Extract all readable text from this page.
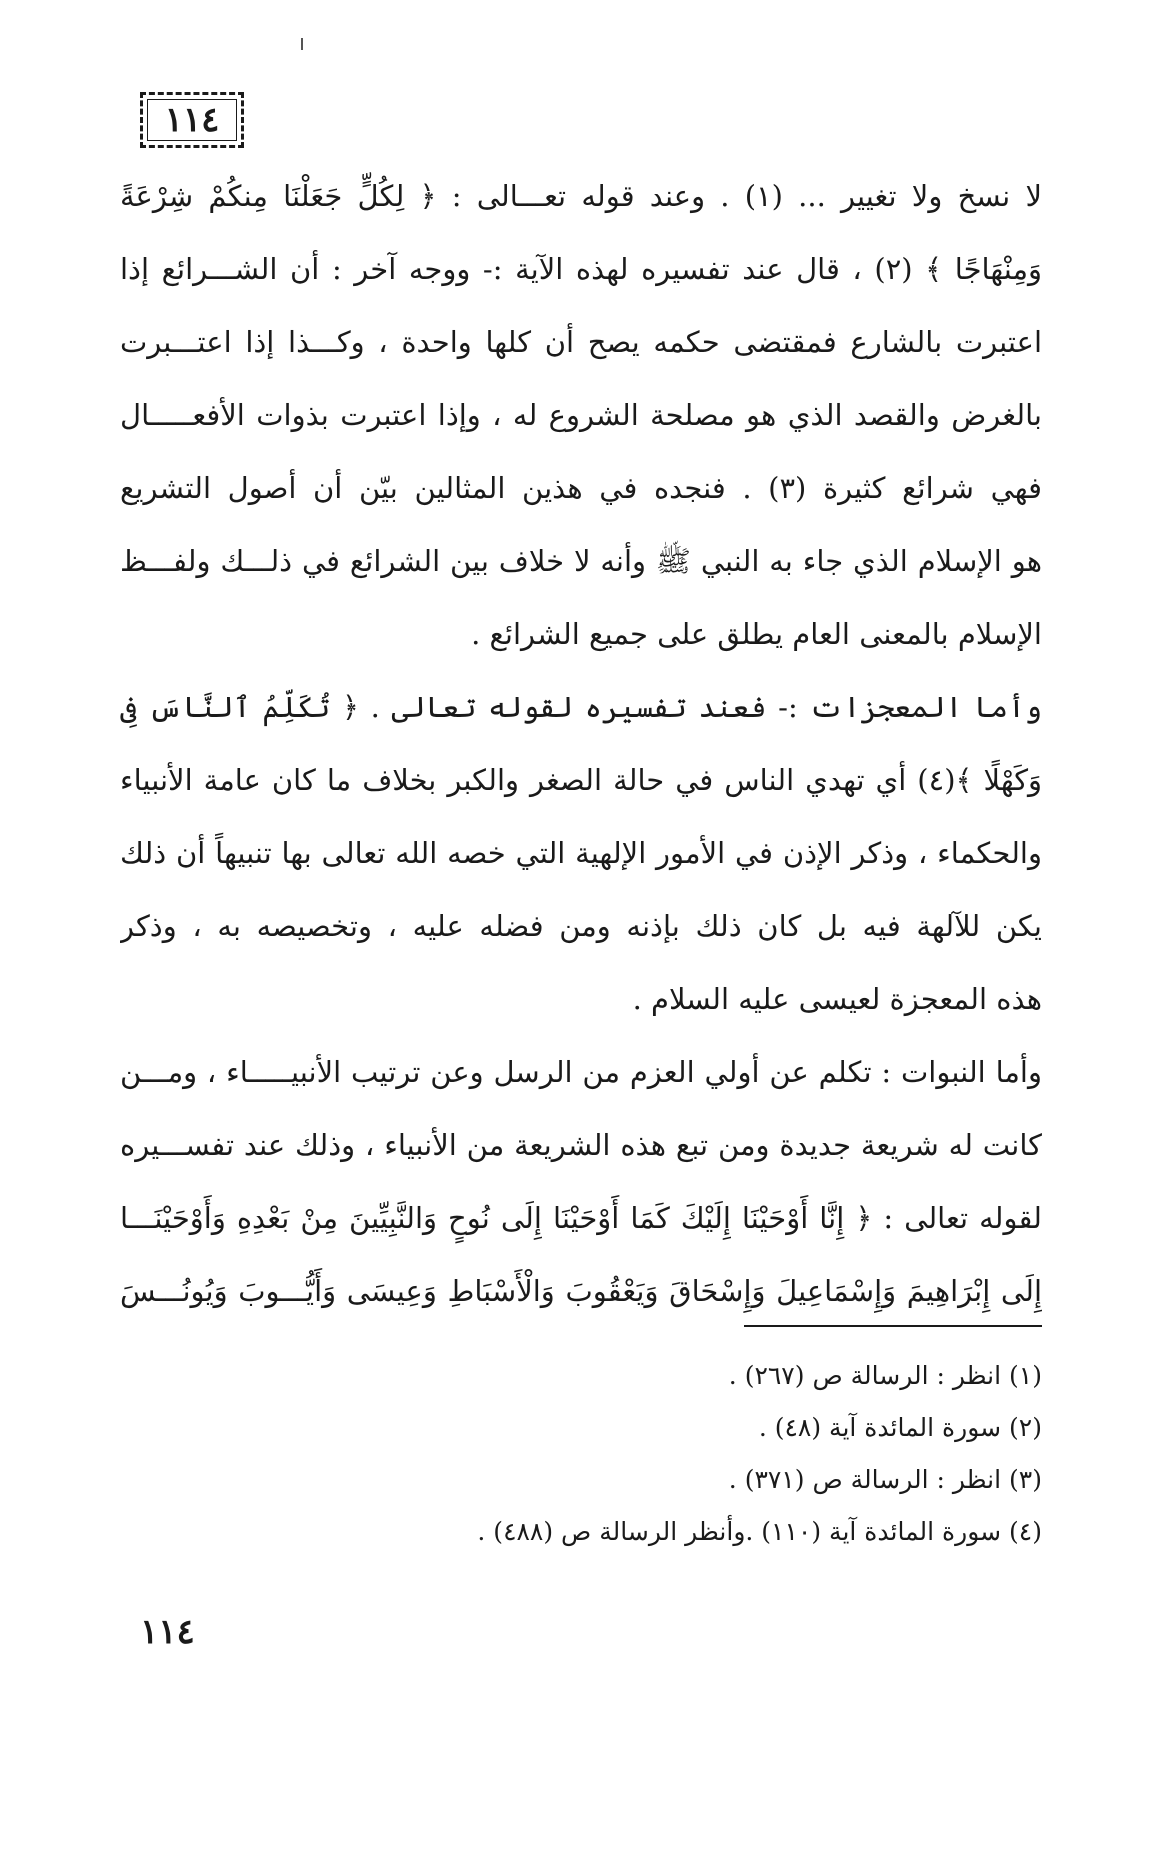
١١٤
لا نسخ ولا تغيير ... (١) . وعند قوله تعـــالى : ﴿ لِكُلٍّ جَعَلْنَا مِنكُمْ شِرْعَةً
وَمِنْهَاجًا ﴾ (٢) ، قال عند تفسيره لهذه الآية :- ووجه آخر : أن الشـــرائع إذا
اعتبرت بالشارع فمقتضى حكمه يصح أن كلها واحدة ، وكـــذا إذا اعتـــبرت
بالغرض والقصد الذي هو مصلحة الشروع له ، وإذا اعتبرت بذوات الأفعـــــال
فهي شرائع كثيرة (٣) . فنجده في هذين المثالين بيّن أن أصول التشريع
هو الإسلام الذي جاء به النبي ﷺ وأنه لا خلاف بين الشرائع في ذلـــك ولفـــظ
الإسلام بالمعنى العام يطلق على جميع الشرائع .
وأما المعجزات :- فعند تفسيره لقوله تعالى . ﴿ تُكَلِّمُ ٱلنَّاسَ فِى
وَكَهْلًا ﴾(٤) أي تهدي الناس في حالة الصغر والكبر بخلاف ما كان عامة الأنبياء
والحكماء ، وذكر الإذن في الأمور الإلهية التي خصه الله تعالى بها تنبيهاً أن ذلك
يكن للآلهة فيه بل كان ذلك بإذنه ومن فضله عليه ، وتخصيصه به ، وذكر
هذه المعجزة لعيسى عليه السلام .
وأما النبوات : تكلم عن أولي العزم من الرسل وعن ترتيب الأنبيـــــاء ، ومـــن
كانت له شريعة جديدة ومن تبع هذه الشريعة من الأنبياء ، وذلك عند تفســـيره
لقوله تعالى : ﴿ إِنَّا أَوْحَيْنَا إِلَيْكَ كَمَا أَوْحَيْنَا إِلَى نُوحٍ وَالنَّبِيِّينَ مِنْ بَعْدِهِ وَأَوْحَيْنَـــا
إِلَى إِبْرَاهِيمَ وَإِسْمَاعِيلَ وَإِسْحَاقَ وَيَعْقُوبَ وَالْأَسْبَاطِ وَعِيسَى وَأَيُّـــوبَ وَيُونُـــسَ
(١) انظر : الرسالة ص (٢٦٧) .
(٢) سورة المائدة آية (٤٨) .
(٣) انظر : الرسالة ص (٣٧١) .
(٤) سورة المائدة آية (١١٠) .وأنظر الرسالة ص (٤٨٨) .
١١٤
